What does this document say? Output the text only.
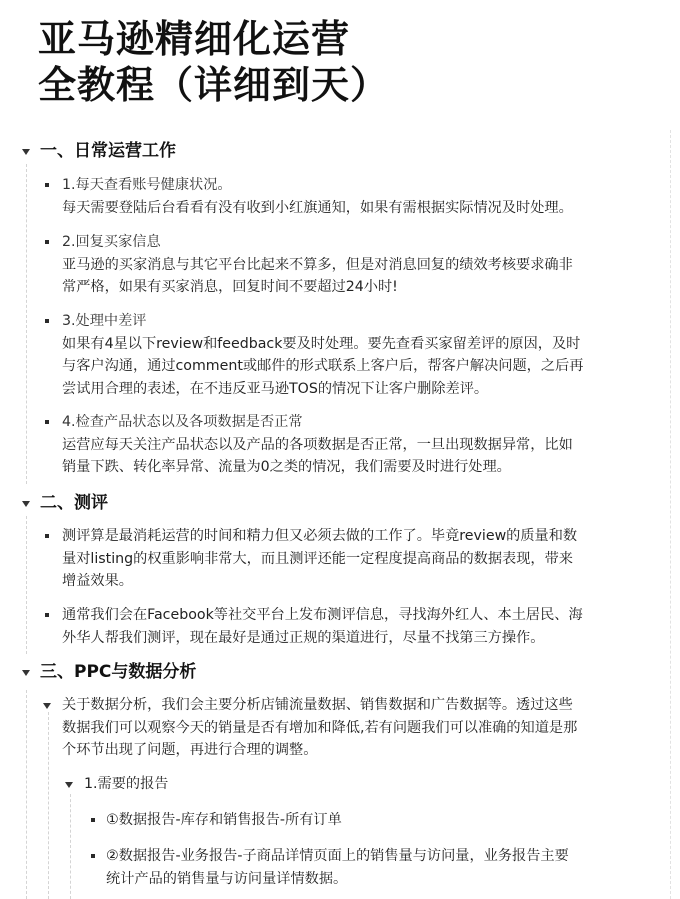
亚马逊精细化运营
全教程（详细到天）
一、日常运营工作
1.每天查看账号健康状况。
每天需要登陆后台看看有没有收到小红旗通知，如果有需根据实际情况及时处理。
2.回复买家信息
亚马逊的买家消息与其它平台比起来不算多，但是对消息回复的绩效考核要求确非
常严格，如果有买家消息，回复时间不要超过24小时!
3.处理中差评
如果有4星以下review和feedback要及时处理。要先查看买家留差评的原因，及时
与客户沟通，通过comment或邮件的形式联系上客户后，帮客户解决问题，之后再
尝试用合理的表述，在不违反亚马逊TOS的情况下让客户删除差评。
4.检查产品状态以及各项数据是否正常
运营应每天关注产品状态以及产品的各项数据是否正常，一旦出现数据异常，比如
销量下跌、转化率异常、流量为0之类的情况，我们需要及时进行处理。
二、测评
测评算是最消耗运营的时间和精力但又必须去做的工作了。毕竟review的质量和数
量对listing的权重影响非常大，而且测评还能一定程度提高商品的数据表现，带来
增益效果。
通常我们会在Facebook等社交平台上发布测评信息，寻找海外红人、本土居民、海
外华人帮我们测评，现在最好是通过正规的渠道进行，尽量不找第三方操作。
三、PPC与数据分析
关于数据分析，我们会主要分析店铺流量数据、销售数据和广告数据等。透过这些
数据我们可以观察今天的销量是否有增加和降低,若有问题我们可以准确的知道是那
个环节出现了问题，再进行合理的调整。
1.需要的报告
①数据报告-库存和销售报告-所有订单
②数据报告-业务报告-子商品详情页面上的销售量与访问量，业务报告主要
统计产品的销售量与访问量详情数据。
